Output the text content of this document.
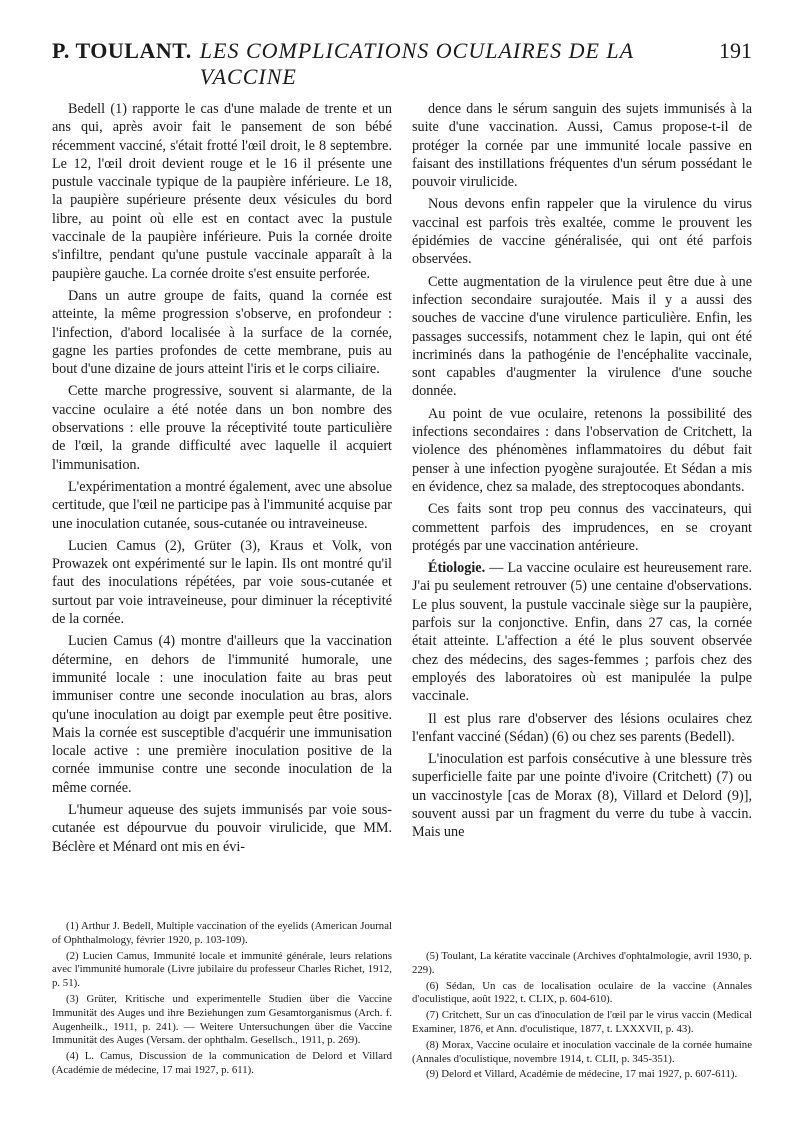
P. TOULANT. LES COMPLICATIONS OCULAIRES DE LA VACCINE
191

Bedell (1) rapporte le cas d'une malade de trente et un ans qui, après avoir fait le pansement de son bébé récemment vacciné, s'était frotté l'œil droit, le 8 septembre. Le 12, l'œil droit devient rouge et le 16 il présente une pustule vaccinale typique de la paupière inférieure. Le 18, la paupière supérieure présente deux vésicules du bord libre, au point où elle est en contact avec la pustule vaccinale de la paupière inférieure. Puis la cornée droite s'infiltre, pendant qu'une pustule vaccinale apparaît à la paupière gauche. La cornée droite s'est ensuite perforée.

Dans un autre groupe de faits, quand la cornée est atteinte, la même progression s'observe, en profondeur : l'infection, d'abord localisée à la surface de la cornée, gagne les parties profondes de cette membrane, puis au bout d'une dizaine de jours atteint l'iris et le corps ciliaire.

Cette marche progressive, souvent si alarmante, de la vaccine oculaire a été notée dans un bon nombre des observations : elle prouve la réceptivité toute particulière de l'œil, la grande difficulté avec laquelle il acquiert l'immunisation.

L'expérimentation a montré également, avec une absolue certitude, que l'œil ne participe pas à l'immunité acquise par une inoculation cutanée, sous-cutanée ou intraveineuse.

Lucien Camus (2), Grüter (3), Kraus et Volk, von Prowazek ont expérimenté sur le lapin. Ils ont montré qu'il faut des inoculations répétées, par voie sous-cutanée et surtout par voie intraveineuse, pour diminuer la réceptivité de la cornée.

Lucien Camus (4) montre d'ailleurs que la vaccination détermine, en dehors de l'immunité humorale, une immunité locale : une inoculation faite au bras peut immuniser contre une seconde inoculation au bras, alors qu'une inoculation au doigt par exemple peut être positive. Mais la cornée est susceptible d'acquérir une immunisation locale active : une première inoculation positive de la cornée immunise contre une seconde inoculation de la même cornée.

L'humeur aqueuse des sujets immunisés par voie sous-cutanée est dépourvue du pouvoir virulicide, que MM. Béclère et Ménard ont mis en évi-

(1) Arthur J. Bedell, Multiple vaccination of the eyelids (American Journal of Ophthalmology, février 1920, p. 103-109).

(2) Lucien Camus, Immunité locale et immunité générale, leurs relations avec l'immunité humorale (Livre jubilaire du professeur Charles Richet, 1912, p. 51).

(3) Grüter, Kritische und experimentelle Studien über die Vaccine Immunität des Auges und ihre Beziehungen zum Gesamtorganismus (Arch. f. Augenheilk., 1911, p. 241). — Weitere Untersuchungen über die Vaccine Immunität des Auges (Versam. der ophthalm. Gesellsch., 1911, p. 269).

(4) L. Camus, Discussion de la communication de Delord et Villard (Académie de médecine, 17 mai 1927, p. 611).

dence dans le sérum sanguin des sujets immunisés à la suite d'une vaccination. Aussi, Camus propose-t-il de protéger la cornée par une immunité locale passive en faisant des instillations fréquentes d'un sérum possédant le pouvoir virulicide.

Nous devons enfin rappeler que la virulence du virus vaccinal est parfois très exaltée, comme le prouvent les épidémies de vaccine généralisée, qui ont été parfois observées.

Cette augmentation de la virulence peut être due à une infection secondaire surajoutée. Mais il y a aussi des souches de vaccine d'une virulence particulière. Enfin, les passages successifs, notamment chez le lapin, qui ont été incriminés dans la pathogénie de l'encéphalite vaccinale, sont capables d'augmenter la virulence d'une souche donnée.

Au point de vue oculaire, retenons la possibilité des infections secondaires : dans l'observation de Critchett, la violence des phénomènes inflammatoires du début fait penser à une infection pyogène surajoutée. Et Sédan a mis en évidence, chez sa malade, des streptocoques abondants.

Ces faits sont trop peu connus des vaccinateurs, qui commettent parfois des imprudences, en se croyant protégés par une vaccination antérieure.

Étiologie. — La vaccine oculaire est heureusement rare. J'ai pu seulement retrouver (5) une centaine d'observations. Le plus souvent, la pustule vaccinale siège sur la paupière, parfois sur la conjonctive. Enfin, dans 27 cas, la cornée était atteinte. L'affection a été le plus souvent observée chez des médecins, des sages-femmes ; parfois chez des employés des laboratoires où est manipulée la pulpe vaccinale.

Il est plus rare d'observer des lésions oculaires chez l'enfant vacciné (Sédan) (6) ou chez ses parents (Bedell).

L'inoculation est parfois consécutive à une blessure très superficielle faite par une pointe d'ivoire (Critchett) (7) ou un vaccinostyle [cas de Morax (8), Villard et Delord (9)], souvent aussi par un fragment du verre du tube à vaccin. Mais une

(5) Toulant, La kératite vaccinale (Archives d'ophtalmologie, avril 1930, p. 229).

(6) Sédan, Un cas de localisation oculaire de la vaccine (Annales d'oculistique, août 1922, t. CLIX, p. 604-610).

(7) Critchett, Sur un cas d'inoculation de l'œil par le virus vaccin (Medical Examiner, 1876, et Ann. d'oculistique, 1877, t. LXXXVII, p. 43).

(8) Morax, Vaccine oculaire et inoculation vaccinale de la cornée humaine (Annales d'oculistique, novembre 1914, t. CLII, p. 345-351).

(9) Delord et Villard, Académie de médecine, 17 mai 1927, p. 607-611).
